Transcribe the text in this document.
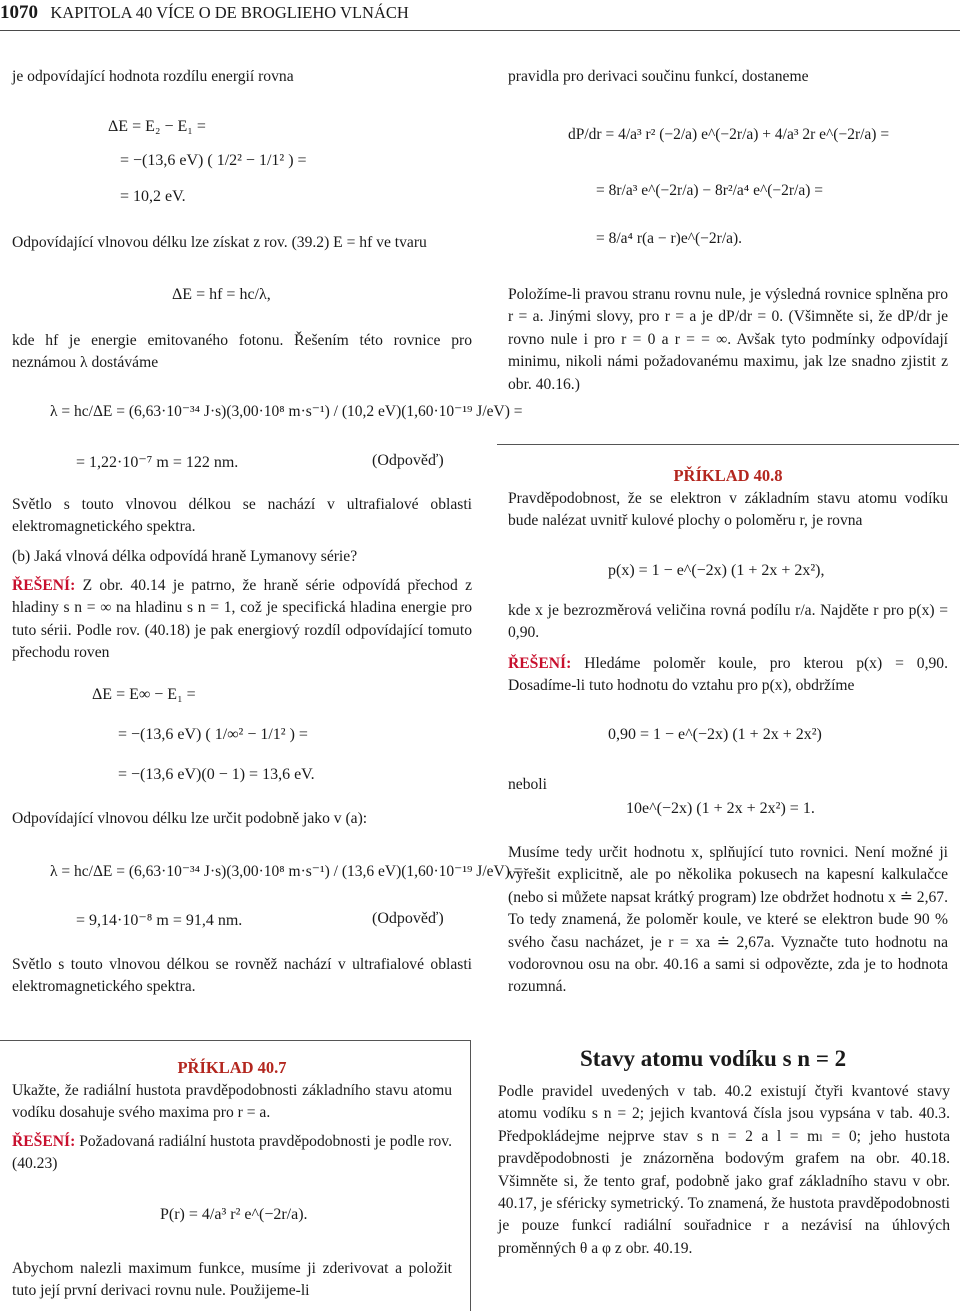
1070 KAPITOLA 40 VÍCE O DE BROGLIEHO VLNÁCH
je odpovídající hodnota rozdílu energií rovna
ΔE = E₂ − E₁ =
= −(13,6 eV) ( 1/2² − 1/1² ) =
= 10,2 eV.
Odpovídající vlnovou délku lze získat z rov. (39.2) E = hf ve tvaru
ΔE = hf = hc/λ,
kde hf je energie emitovaného fotonu. Řešením této rovnice pro neznámou λ dostáváme
λ = hc/ΔE = (6,63·10⁻³⁴ J·s)(3,00·10⁸ m·s⁻¹) / (10,2 eV)(1,60·10⁻¹⁹ J/eV) =
= 1,22·10⁻⁷ m = 122 nm.	(Odpověď)
Světlo s touto vlnovou délkou se nachází v ultrafialové oblasti elektromagnetického spektra.
(b) Jaká vlnová délka odpovídá hraně Lymanovy série?
ŘEŠENÍ: Z obr. 40.14 je patrno, že hraně série odpovídá přechod z hladiny s n = ∞ na hladinu s n = 1, což je specifická hladina energie pro tuto sérii. Podle rov. (40.18) je pak energiový rozdíl odpovídající tomuto přechodu roven
ΔE = E∞ − E₁ =
= −(13,6 eV) ( 1/∞² − 1/1² ) =
= −(13,6 eV)(0 − 1) = 13,6 eV.
Odpovídající vlnovou délku lze určit podobně jako v (a):
λ = hc/ΔE = (6,63·10⁻³⁴ J·s)(3,00·10⁸ m·s⁻¹) / (13,6 eV)(1,60·10⁻¹⁹ J/eV) =
= 9,14·10⁻⁸ m = 91,4 nm.	(Odpověď)
Světlo s touto vlnovou délkou se rovněž nachází v ultrafialové oblasti elektromagnetického spektra.
pravidla pro derivaci součinu funkcí, dostaneme
dP/dr = 4/a³ r² (−2/a) e^(−2r/a) + 4/a³ 2r e^(−2r/a) =
= 8r/a³ e^(−2r/a) − 8r²/a⁴ e^(−2r/a) =
= 8/a⁴ r(a − r)e^(−2r/a).
Položíme-li pravou stranu rovnu nule, je výsledná rovnice splněna pro r = a. Jinými slovy, pro r = a je dP/dr = 0. (Všimněte si, že dP/dr je rovno nule i pro r = 0 a r = = ∞. Avšak tyto podmínky odpovídají minimu, nikoli námi požadovanému maximu, jak lze snadno zjistit z obr. 40.16.)
PŘÍKLAD 40.8
Pravděpodobnost, že se elektron v základním stavu atomu vodíku bude nalézat uvnitř kulové plochy o poloměru r, je rovna
p(x) = 1 − e^(−2x) (1 + 2x + 2x²),
kde x je bezrozměrová veličina rovná podílu r/a. Najděte r pro p(x) = 0,90.
ŘEŠENÍ: Hledáme poloměr koule, pro kterou p(x) = 0,90. Dosadíme-li tuto hodnotu do vztahu pro p(x), obdržíme
0,90 = 1 − e^(−2x) (1 + 2x + 2x²)
neboli
10e^(−2x) (1 + 2x + 2x²) = 1.
Musíme tedy určit hodnotu x, splňující tuto rovnici. Není možné ji vyřešit explicitně, ale po několika pokusech na kapesní kalkulačce (nebo si můžete napsat krátký program) lze obdržet hodnotu x ≐ 2,67. To tedy znamená, že poloměr koule, ve které se elektron bude 90 % svého času nacházet, je r = xa ≐ 2,67a. Vyznačte tuto hodnotu na vodorovnou osu na obr. 40.16 a sami si odpovězte, zda je to hodnota rozumná.
PŘÍKLAD 40.7
Ukažte, že radiální hustota pravděpodobnosti základního stavu atomu vodíku dosahuje svého maxima pro r = a.
ŘEŠENÍ: Požadovaná radiální hustota pravděpodobnosti je podle rov. (40.23)
P(r) = 4/a³ r² e^(−2r/a).
Abychom nalezli maximum funkce, musíme ji zderivovat a položit tuto její první derivaci rovnu nule. Použijeme-li
Stavy atomu vodíku s n = 2
Podle pravidel uvedených v tab. 40.2 existují čtyři kvantové stavy atomu vodíku s n = 2; jejich kvantová čísla jsou vypsána v tab. 40.3. Předpokládejme nejprve stav s n = 2 a l = mₗ = 0; jeho hustota pravděpodobnosti je znázorněna bodovým grafem na obr. 40.18. Všimněte si, že tento graf, podobně jako graf základního stavu v obr. 40.17, je sféricky symetrický. To znamená, že hustota pravděpodobnosti je pouze funkcí radiální souřadnice r a nezávisí na úhlových proměnných θ a φ z obr. 40.19.
